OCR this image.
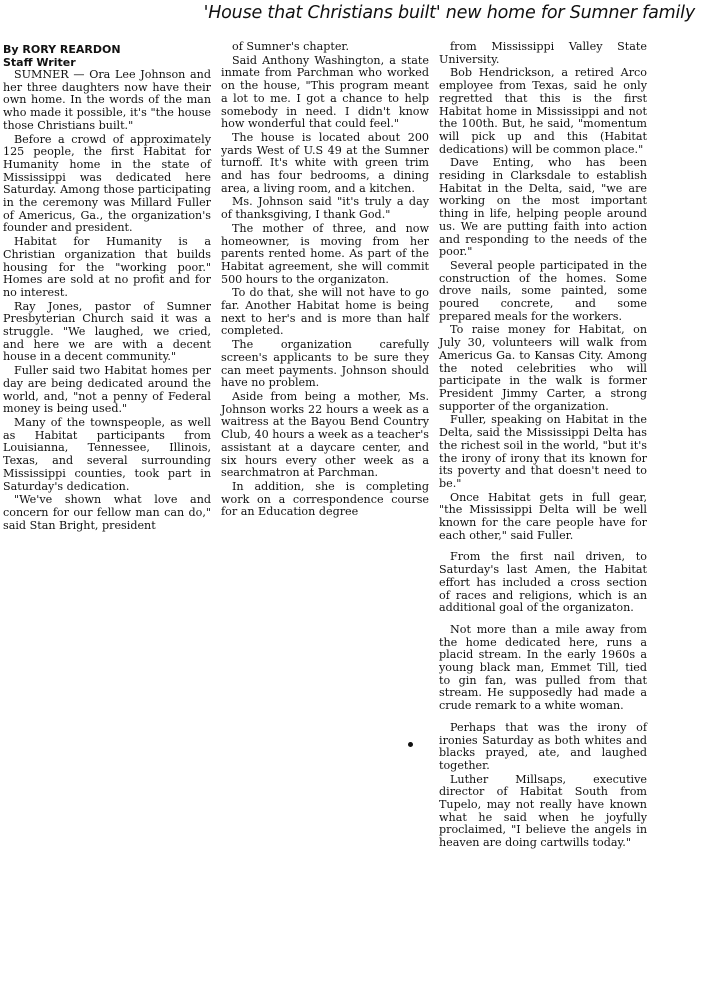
'House that Christians built' new home for Sumner family
By RORY REARDON
Staff Writer

SUMNER — Ora Lee Johnson and her three daughters now have their own home. In the words of the man who made it possible, it's "the house those Christians built."

Before a crowd of approximately 125 people, the first Habitat for Humanity home in the state of Mississippi was dedicated here Saturday. Among those participating in the ceremony was Millard Fuller of Americus, Ga., the organization's founder and president.

Habitat for Humanity is a Christian organization that builds housing for the "working poor." Homes are sold at no profit and for no interest.

Ray Jones, pastor of Sumner Presbyterian Church said it was a struggle. "We laughed, we cried, and here we are with a decent house in a decent community."

Fuller said two Habitat homes per day are being dedicated around the world, and, "not a penny of Federal money is being used."

Many of the townspeople, as well as Habitat participants from Louisianna, Tennessee, Illinois, Texas, and several surrounding Mississippi counties, took part in Saturday's dedication.

"We've shown what love and concern for our fellow man can do," said Stan Bright, president

of Sumner's chapter.

Said Anthony Washington, a state inmate from Parchman who worked on the house, "This program meant a lot to me. I got a chance to help somebody in need. I didn't know how wonderful that could feel."

The house is located about 200 yards West of U.S 49 at the Sumner turnoff. It's white with green trim and has four bedrooms, a dining area, a living room, and a kitchen.

Ms. Johnson said "it's truly a day of thanksgiving, I thank God."

The mother of three, and now homeowner, is moving from her parents rented home. As part of the Habitat agreement, she will commit 500 hours to the organizaton.

To do that, she will not have to go far. Another Habitat home is being next to her's and is more than half completed.

The organization carefully screen's applicants to be sure they can meet payments. Johnson should have no problem.

Aside from being a mother, Ms. Johnson works 22 hours a week as a waitress at the Bayou Bend Country Club, 40 hours a week as a teacher's assistant at a daycare center, and six hours every other week as a searchmatron at Parchman.

In addition, she is completing work on a correspondence course for an Education degree

from Mississippi Valley State University.

Bob Hendrickson, a retired Arco employee from Texas, said he only regretted that this is the first Habitat home in Mississippi and not the 100th. But, he said, "momentum will pick up and this (Habitat dedications) will be common place."

Dave Enting, who has been residing in Clarksdale to establish Habitat in the Delta, said, "we are working on the most important thing in life, helping people around us. We are putting faith into action and responding to the needs of the poor."

Several people participated in the construction of the homes. Some drove nails, some painted, some poured concrete, and some prepared meals for the workers.

To raise money for Habitat, on July 30, volunteers will walk from Americus Ga. to Kansas City. Among the noted celebrities who will participate in the walk is former President Jimmy Carter, a strong supporter of the organization.

Fuller, speaking on Habitat in the Delta, said the Mississippi Delta has the richest soil in the world, "but it's the irony of irony that its known for its poverty and that doesn't need to be."

Once Habitat gets in full gear, "the Mississippi Delta will be well known for the care people have for each other," said Fuller.

From the first nail driven, to Saturday's last Amen, the Habitat effort has included a cross section of races and religions, which is an additional goal of the organizaton.

Not more than a mile away from the home dedicated here, runs a placid stream. In the early 1960s a young black man, Emmet Till, tied to gin fan, was pulled from that stream. He supposedly had made a crude remark to a white woman.

Perhaps that was the irony of ironies Saturday as both whites and blacks prayed, ate, and laughed together.

Luther Millsaps, executive director of Habitat South from Tupelo, may not really have known what he said when he joyfully proclaimed, "I believe the angels in heaven are doing cartwills today."
